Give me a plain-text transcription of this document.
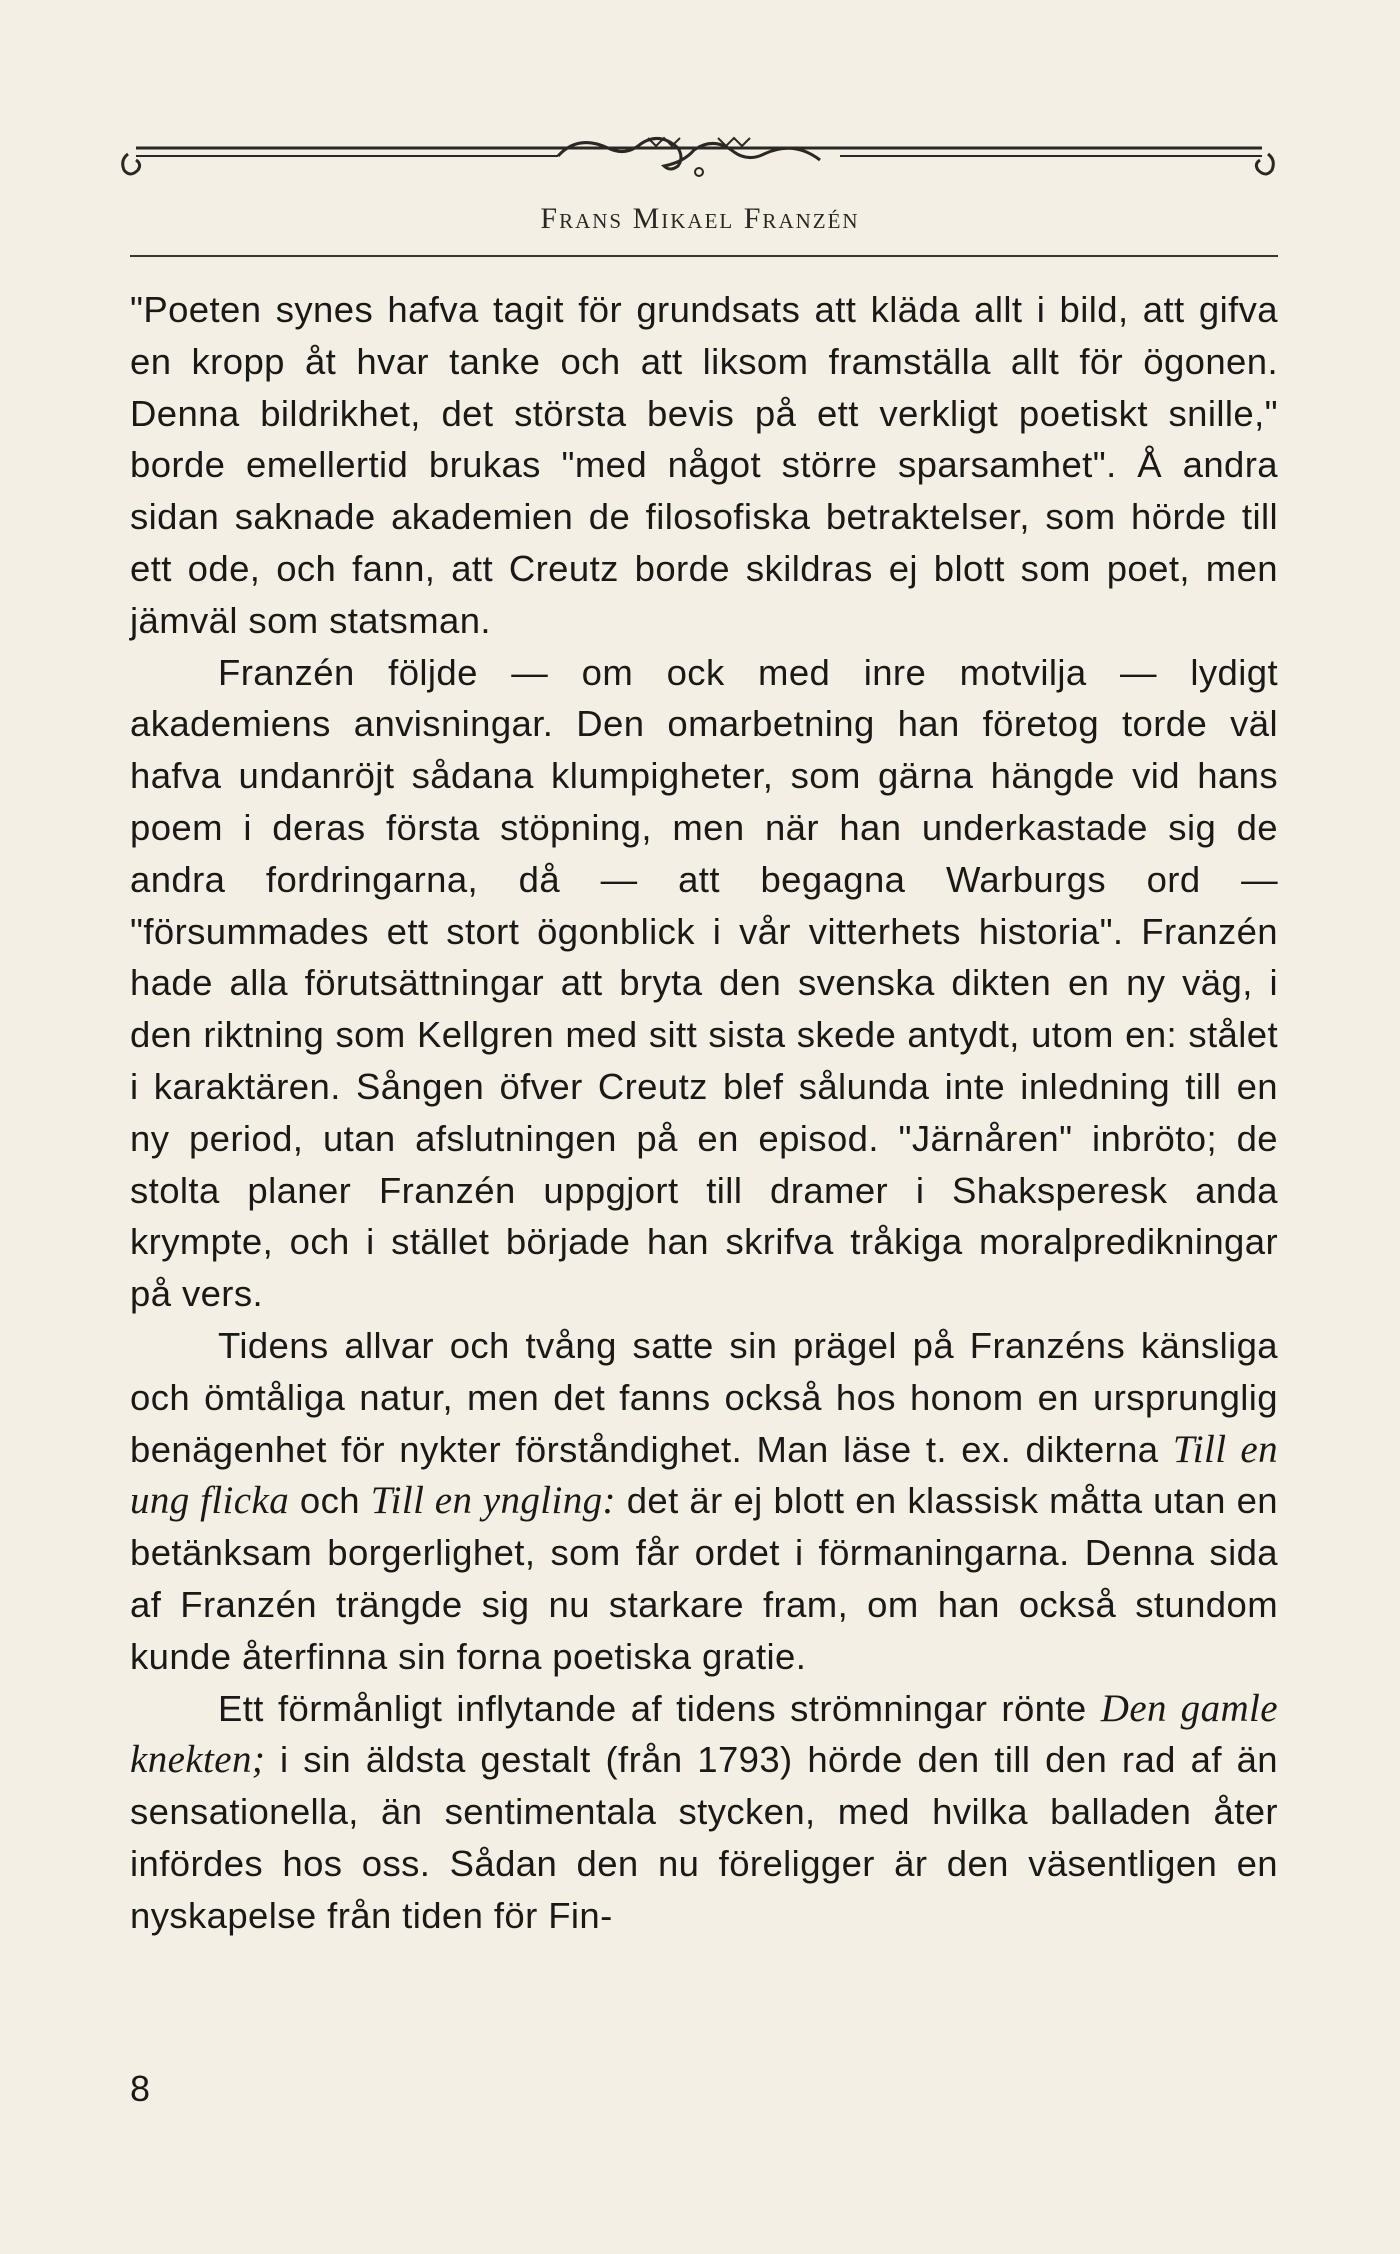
Frans Mikael Franzén

"Poeten synes hafva tagit för grundsats att kläda allt i bild, att gifva en kropp åt hvar tanke och att liksom framställa allt för ögonen. Denna bildrikhet, det största bevis på ett verkligt poetiskt snille," borde emellertid brukas "med något större sparsamhet". Å andra sidan saknade akademien de filosofiska betraktelser, som hörde till ett ode, och fann, att Creutz borde skildras ej blott som poet, men jämväl som statsman.

Franzén följde — om ock med inre motvilja — lydigt akademiens anvisningar. Den omarbetning han företog torde väl hafva undanröjt sådana klumpigheter, som gärna hängde vid hans poem i deras första stöpning, men när han underkastade sig de andra fordringarna, då — att begagna Warburgs ord — "försummades ett stort ögonblick i vår vitterhets historia". Franzén hade alla förutsättningar att bryta den svenska dikten en ny väg, i den riktning som Kellgren med sitt sista skede antydt, utom en: stålet i karaktären. Sången öfver Creutz blef sålunda inte inledning till en ny period, utan afslutningen på en episod. "Järnåren" inbröto; de stolta planer Franzén uppgjort till dramer i Shaksperesk anda krympte, och i stället började han skrifva tråkiga moralpredikningar på vers.

Tidens allvar och tvång satte sin prägel på Franzéns känsliga och ömtåliga natur, men det fanns också hos honom en ursprunglig benägenhet för nykter förståndighet. Man läse t. ex. dikterna Till en ung flicka och Till en yngling: det är ej blott en klassisk måtta utan en betänksam borgerlighet, som får ordet i förmaningarna. Denna sida af Franzén trängde sig nu starkare fram, om han också stundom kunde återfinna sin forna poetiska gratie.

Ett förmånligt inflytande af tidens strömningar rönte Den gamle knekten; i sin äldsta gestalt (från 1793) hörde den till den rad af än sensationella, än sentimentala stycken, med hvilka balladen åter infördes hos oss. Sådan den nu föreligger är den väsentligen en nyskapelse från tiden för Fin-

8
